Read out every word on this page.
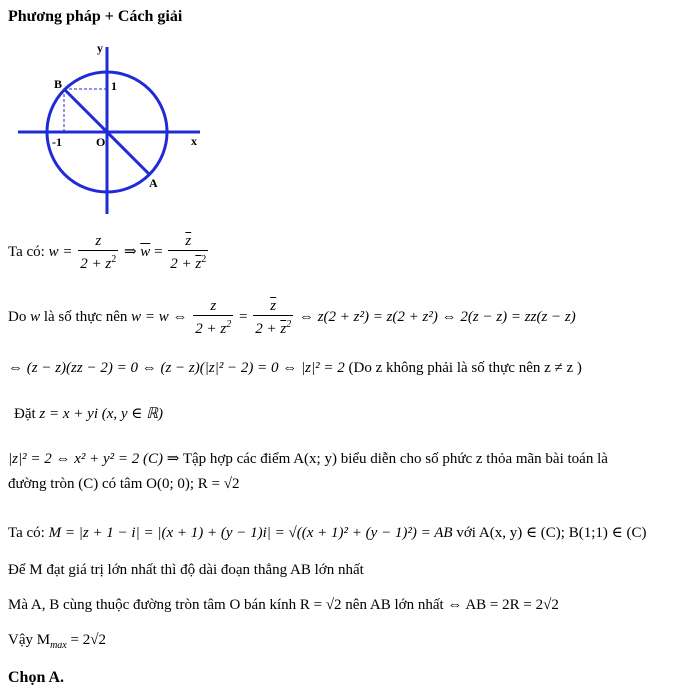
Phương pháp + Cách giải
y
x
O
1
-1
B
A
Ta có: $w = \frac{z}{2 + z^2}$ ⇒ $\overline{w} = \frac{\overline{z}}{2 + \overline{z}^2}$
Do w là số thực nên w = w ⇔ $\frac{z}{2 + z^2} = \frac{\overline{z}}{2 + \overline{z}^2}$ ⇔ z(2 + z²) = z(2 + z²) ⇔ 2(z − z) = zz(z − z)
⇔ (z − z)(zz − 2) = 0 ⇔ (z − z)(|z|² − 2) = 0 ⇔ |z|² = 2 (Do z không phải là số thực nên z ≠ z )
Đặt z = x + yi (x, y ∈ ℝ)
|z|² = 2 ⇔ x² + y² = 2 (C) ⇒ Tập hợp các điểm A(x; y) biểu diễn cho số phức z thỏa mãn bài toán là
đường tròn (C) có tâm O(0; 0); R = √2
Ta có: M = |z + 1 − i| = |(x + 1) + (y − 1)i| = √((x + 1)² + (y − 1)²) = AB với A(x, y) ∈ (C); B(1;1) ∈ (C)
Để M đạt giá trị lớn nhất thì độ dài đoạn thẳng AB lớn nhất
Mà A, B cùng thuộc đường tròn tâm O bán kính R = √2 nên AB lớn nhất ⇔ AB = 2R = 2√2
Vậy $M_{max} = 2√2$
Chọn A.
